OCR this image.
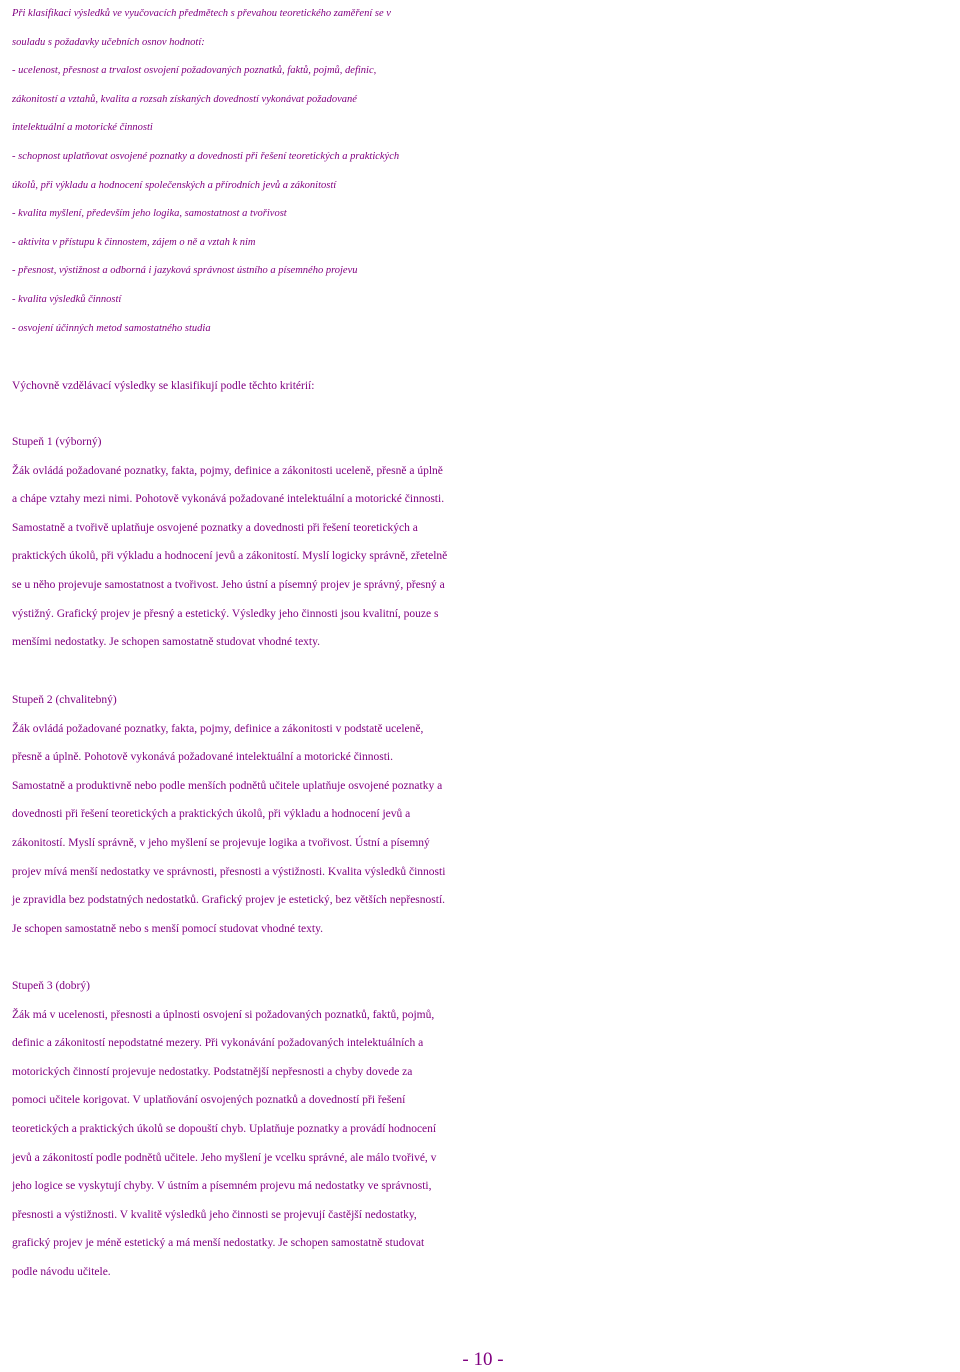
Při klasifikaci výsledků ve vyučovacích předmětech s převahou teoretického zaměření se v
souladu s požadavky učebních osnov hodnotí:
- ucelenost, přesnost a trvalost osvojení požadovaných poznatků, faktů, pojmů, definic,
zákonitostí a vztahů, kvalita a rozsah získaných dovedností vykonávat požadované
intelektuální a motorické činnosti
- schopnost uplatňovat osvojené poznatky a dovednosti při řešení teoretických a praktických
úkolů, při výkladu a hodnocení společenských a přírodních jevů a zákonitostí
- kvalita myšlení, především jeho logika, samostatnost a tvořivost
- aktivita v přístupu k činnostem, zájem o ně a vztah k nim
- přesnost, výstižnost a odborná i jazyková správnost ústního a písemného projevu
- kvalita výsledků činností
- osvojení účinných metod samostatného studia
Výchovně vzdělávací výsledky se klasifikují podle těchto kritérií:
Stupeň 1 (výborný)
Žák ovládá požadované poznatky, fakta, pojmy, definice a zákonitosti uceleně, přesně a úplně
a chápe vztahy mezi nimi. Pohotově vykonává požadované intelektuální a motorické činnosti.
Samostatně a tvořivě uplatňuje osvojené poznatky a dovednosti při řešení teoretických a
praktických úkolů, při výkladu a hodnocení jevů a zákonitostí. Myslí logicky správně, zřetelně
se u něho projevuje samostatnost a tvořivost. Jeho ústní a písemný projev je správný, přesný a
výstižný. Grafický projev je přesný a estetický. Výsledky jeho činnosti jsou kvalitní, pouze s
menšími nedostatky. Je schopen samostatně studovat vhodné texty.
Stupeň 2 (chvalitebný)
Žák ovládá požadované poznatky, fakta, pojmy, definice a zákonitosti v podstatě uceleně,
přesně a úplně. Pohotově vykonává požadované intelektuální a motorické činnosti.
Samostatně a produktivně nebo podle menších podnětů učitele uplatňuje osvojené poznatky a
dovednosti při řešení teoretických a praktických úkolů, při výkladu a hodnocení jevů a
zákonitostí. Myslí správně, v jeho myšlení se projevuje logika a tvořivost. Ústní a písemný
projev mívá menší nedostatky ve správnosti, přesnosti a výstižnosti. Kvalita výsledků činnosti
je zpravidla bez podstatných nedostatků. Grafický projev je estetický, bez větších nepřesností.
Je schopen samostatně nebo s menší pomocí studovat vhodné texty.
Stupeň 3 (dobrý)
Žák má v ucelenosti, přesnosti a úplnosti osvojení si požadovaných poznatků, faktů, pojmů,
definic a zákonitostí nepodstatné mezery. Při vykonávání požadovaných intelektuálních a
motorických činností projevuje nedostatky. Podstatnější nepřesnosti a chyby dovede za
pomoci učitele korigovat. V uplatňování osvojených poznatků a dovedností při řešení
teoretických a praktických úkolů se dopouští chyb. Uplatňuje poznatky a provádí hodnocení
jevů a zákonitostí podle podnětů učitele. Jeho myšlení je vcelku správné, ale málo tvořivé, v
jeho logice se vyskytují chyby. V ústním a písemném projevu má nedostatky ve správnosti,
přesnosti a výstižnosti. V kvalitě výsledků jeho činnosti se projevují častější nedostatky,
grafický projev je méně estetický a má menší nedostatky. Je schopen samostatně studovat
podle návodu učitele.
- 10 -
